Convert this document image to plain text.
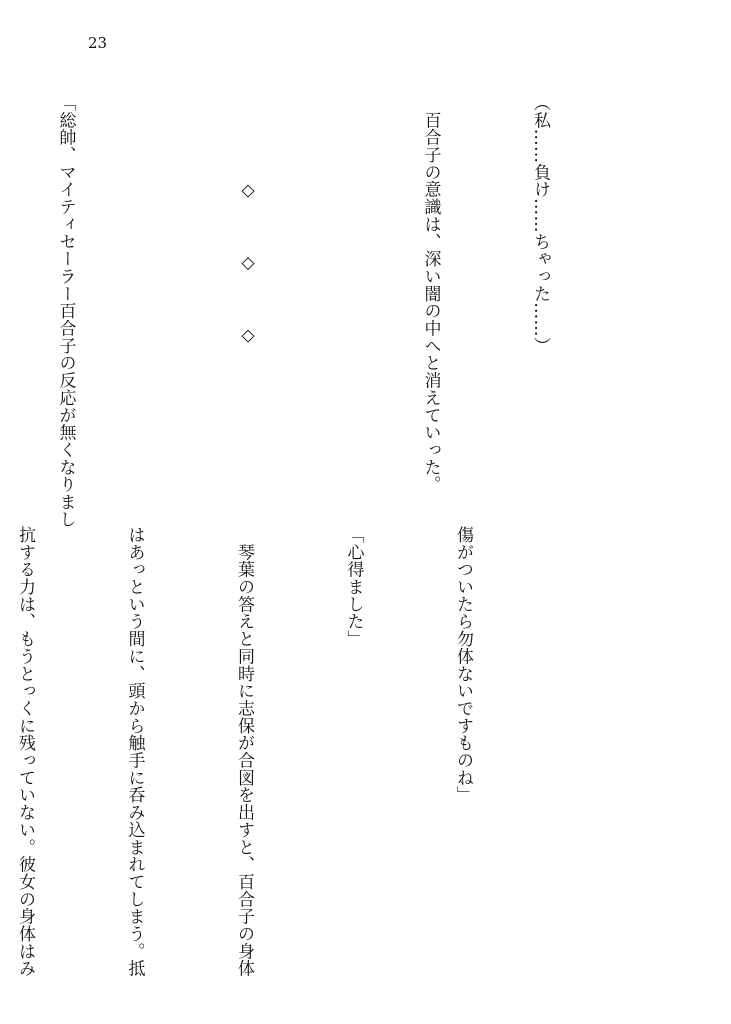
23

（私……負け……ちゃった……）

　百合子の意識は、深い闇の中へと消えていった。

　　　　　◇　　　◇　　　◇

「総帥、マイティセーラー百合子の反応が無くなりまし

傷がついたら勿体ないですものね」

「心得ました」

　琴葉の答えと同時に志保が合図を出すと、百合子の身体

はあっという間に、頭から触手に呑み込まれてしまう。抵

抗する力は、もうとっくに残っていない。彼女の身体はみ
